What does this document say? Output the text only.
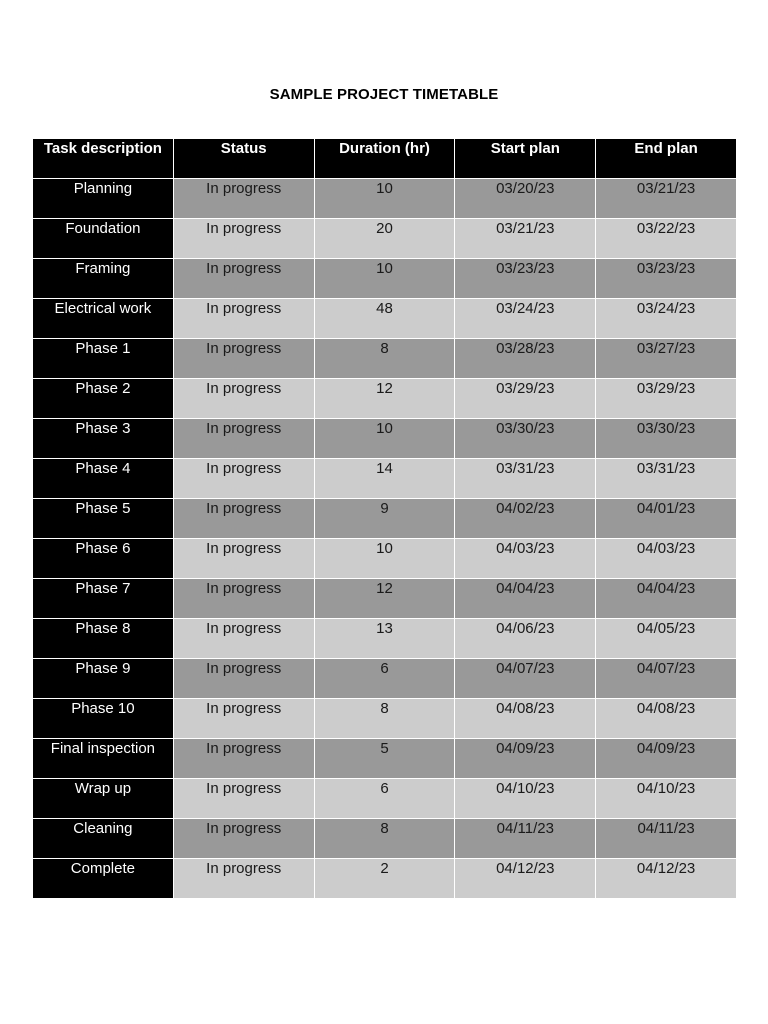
SAMPLE PROJECT TIMETABLE
Task description	Status	Duration (hr)	Start plan	End plan
Planning	In progress	10	03/20/23	03/21/23
Foundation	In progress	20	03/21/23	03/22/23
Framing	In progress	10	03/23/23	03/23/23
Electrical work	In progress	48	03/24/23	03/24/23
Phase 1	In progress	8	03/28/23	03/27/23
Phase 2	In progress	12	03/29/23	03/29/23
Phase 3	In progress	10	03/30/23	03/30/23
Phase 4	In progress	14	03/31/23	03/31/23
Phase 5	In progress	9	04/02/23	04/01/23
Phase 6	In progress	10	04/03/23	04/03/23
Phase 7	In progress	12	04/04/23	04/04/23
Phase 8	In progress	13	04/06/23	04/05/23
Phase 9	In progress	6	04/07/23	04/07/23
Phase 10	In progress	8	04/08/23	04/08/23
Final inspection	In progress	5	04/09/23	04/09/23
Wrap up	In progress	6	04/10/23	04/10/23
Cleaning	In progress	8	04/11/23	04/11/23
Complete	In progress	2	04/12/23	04/12/23
